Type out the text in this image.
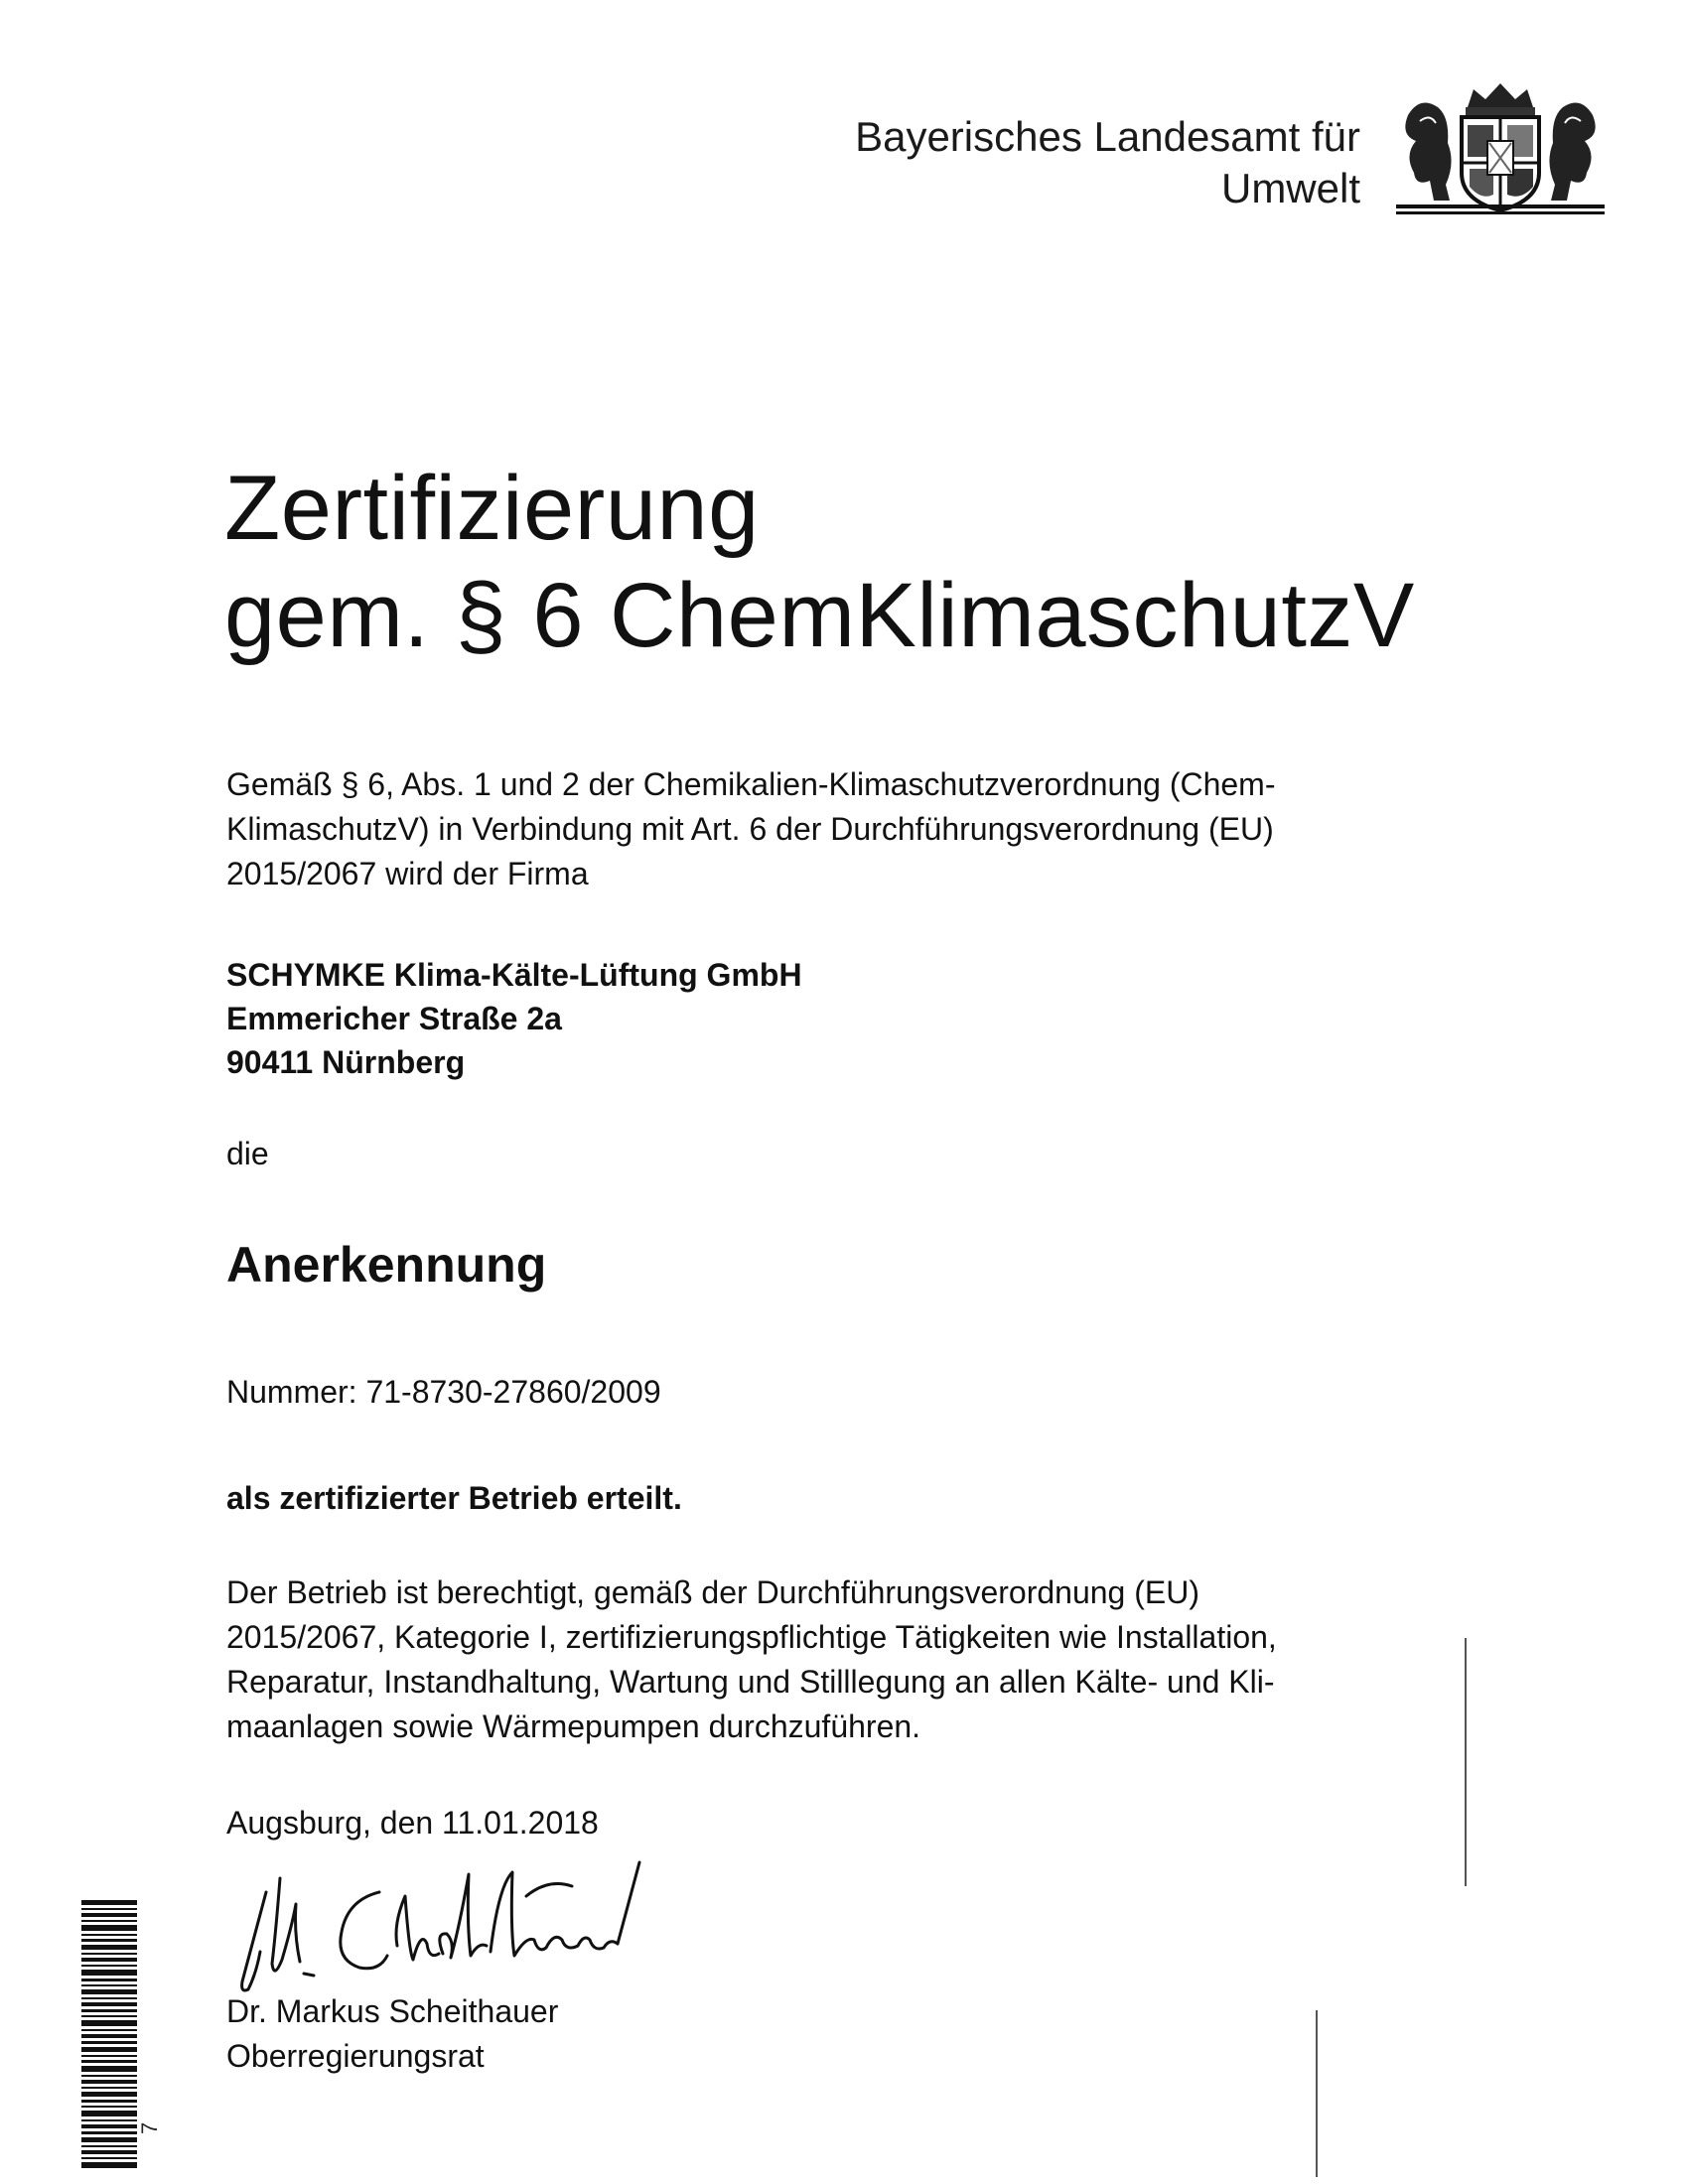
Bayerisches Landesamt für
Umwelt
Zertifizierung
gem. § 6 ChemKlimaschutzV
Gemäß § 6, Abs. 1 und 2 der Chemikalien-Klimaschutzverordnung (Chem-
KlimaschutzV) in Verbindung mit Art. 6 der Durchführungsverordnung (EU)
2015/2067 wird der Firma
SCHYMKE Klima-Kälte-Lüftung GmbH
Emmericher Straße 2a
90411 Nürnberg
die
Anerkennung
Nummer: 71-8730-27860/2009
als zertifizierter Betrieb erteilt.
Der Betrieb ist berechtigt, gemäß der Durchführungsverordnung (EU)
2015/2067, Kategorie I, zertifizierungspflichtige Tätigkeiten wie Installation,
Reparatur, Instandhaltung, Wartung und Stilllegung an allen Kälte- und Kli-
maanlagen sowie Wärmepumpen durchzuführen.
Augsburg, den 11.01.2018
Dr. Markus Scheithauer
Oberregierungsrat
7
